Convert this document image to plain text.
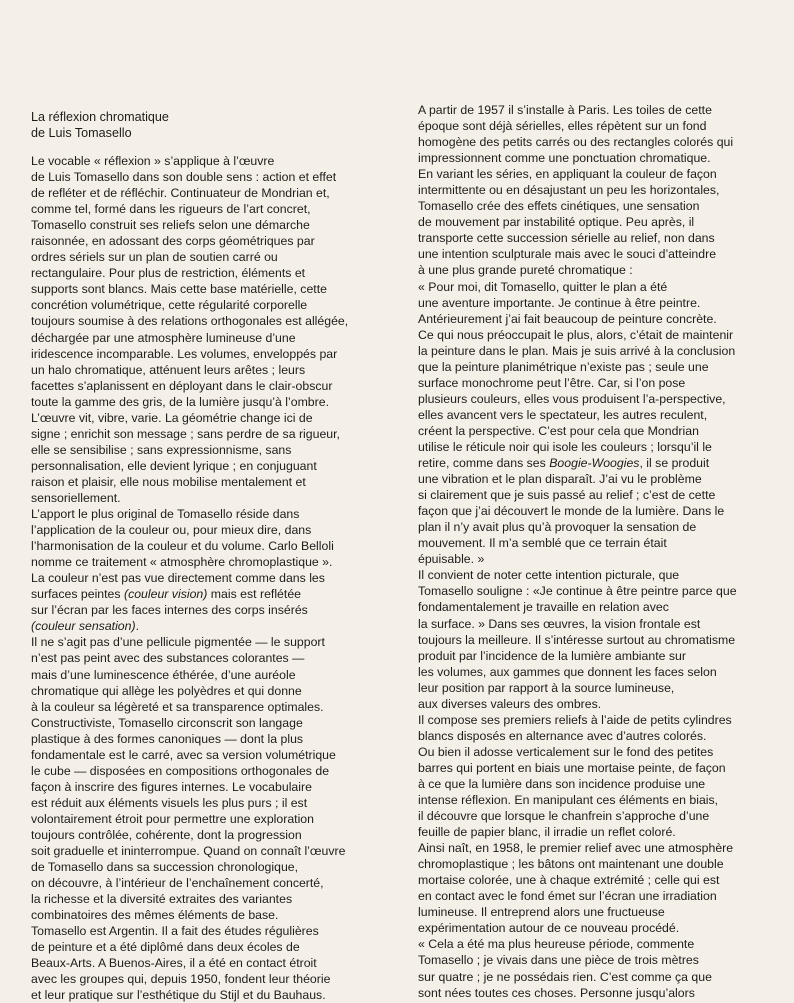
La réflexion chromatique
de Luis Tomasello
Le vocable « réflexion » s’applique à l’œuvre
de Luis Tomasello dans son double sens : action et effet
de refléter et de réfléchir. Continuateur de Mondrian et,
comme tel, formé dans les rigueurs de l’art concret,
Tomasello construit ses reliefs selon une démarche
raisonnée, en adossant des corps géométriques par
ordres sériels sur un plan de soutien carré ou
rectangulaire. Pour plus de restriction, éléments et
supports sont blancs. Mais cette base matérielle, cette
concrétion volumétrique, cette régularité corporelle
toujours soumise à des relations orthogonales est allégée,
déchargée par une atmosphère lumineuse d’une
iridescence incomparable. Les volumes, enveloppés par
un halo chromatique, atténuent leurs arêtes ; leurs
facettes s’aplanissent en déployant dans le clair-obscur
toute la gamme des gris, de la lumière jusqu’à l’ombre.
L’œuvre vit, vibre, varie. La géométrie change ici de
signe ; enrichit son message ; sans perdre de sa rigueur,
elle se sensibilise ; sans expressionnisme, sans
personnalisation, elle devient lyrique ; en conjuguant
raison et plaisir, elle nous mobilise mentalement et
sensoriellement.
L’apport le plus original de Tomasello réside dans
l’application de la couleur ou, pour mieux dire, dans
l’harmonisation de la couleur et du volume. Carlo Belloli
nomme ce traitement « atmosphère chromoplastique ».
La couleur n’est pas vue directement comme dans les
surfaces peintes (couleur vision) mais est reflétée
sur l’écran par les faces internes des corps insérés
(couleur sensation).
Il ne s’agit pas d’une pellicule pigmentée — le support
n’est pas peint avec des substances colorantes —
mais d’une luminescence éthérée, d’une auréole
chromatique qui allège les polyèdres et qui donne
à la couleur sa légèreté et sa transparence optimales.
Constructiviste, Tomasello circonscrit son langage
plastique à des formes canoniques — dont la plus
fondamentale est le carré, avec sa version volumétrique
le cube — disposées en compositions orthogonales de
façon à inscrire des figures internes. Le vocabulaire
est réduit aux éléments visuels les plus purs ; il est
volontairement étroit pour permettre une exploration
toujours contrôlée, cohérente, dont la progression
soit graduelle et ininterrompue. Quand on connaît l’œuvre
de Tomasello dans sa succession chronologique,
on découvre, à l’intérieur de l’enchaînement concerté,
la richesse et la diversité extraites des variantes
combinatoires des mêmes éléments de base.
Tomasello est Argentin. Il a fait des études régulières
de peinture et a été diplômé dans deux écoles de
Beaux-Arts. A Buenos-Aires, il a été en contact étroit
avec les groupes qui, depuis 1950, fondent leur théorie
et leur pratique sur l’esthétique du Stijl et du Bauhaus.
A partir de 1957 il s’installe à Paris. Les toiles de cette
époque sont déjà sérielles, elles répètent sur un fond
homogène des petits carrés ou des rectangles colorés qui
impressionnent comme une ponctuation chromatique.
En variant les séries, en appliquant la couleur de façon
intermittente ou en désajustant un peu les horizontales,
Tomasello crée des effets cinétiques, une sensation
de mouvement par instabilité optique. Peu après, il
transporte cette succession sérielle au relief, non dans
une intention sculpturale mais avec le souci d’atteindre
à une plus grande pureté chromatique :
« Pour moi, dit Tomasello, quitter le plan a été
une aventure importante. Je continue à être peintre.
Antérieurement j’ai fait beaucoup de peinture concrète.
Ce qui nous préoccupait le plus, alors, c’était de maintenir
la peinture dans le plan. Mais je suis arrivé à la conclusion
que la peinture planimétrique n’existe pas ; seule une
surface monochrome peut l’être. Car, si l’on pose
plusieurs couleurs, elles vous produisent l’a-perspective,
elles avancent vers le spectateur, les autres reculent,
créent la perspective. C’est pour cela que Mondrian
utilise le réticule noir qui isole les couleurs ; lorsqu’il le
retire, comme dans ses Boogie-Woogies, il se produit
une vibration et le plan disparaît. J’ai vu le problème
si clairement que je suis passé au relief ; c’est de cette
façon que j’ai découvert le monde de la lumière. Dans le
plan il n’y avait plus qu’à provoquer la sensation de
mouvement. Il m’a semblé que ce terrain était
épuisable. »
Il convient de noter cette intention picturale, que
Tomasello souligne : «Je continue à être peintre parce que
fondamentalement je travaille en relation avec
la surface. » Dans ses œuvres, la vision frontale est
toujours la meilleure. Il s’intéresse surtout au chromatisme
produit par l’incidence de la lumière ambiante sur
les volumes, aux gammes que donnent les faces selon
leur position par rapport à la source lumineuse,
aux diverses valeurs des ombres.
Il compose ses premiers reliefs à l’aide de petits cylindres
blancs disposés en alternance avec d’autres colorés.
Ou bien il adosse verticalement sur le fond des petites
barres qui portent en biais une mortaise peinte, de façon
à ce que la lumière dans son incidence produise une
intense réflexion. En manipulant ces éléments en biais,
il découvre que lorsque le chanfrein s’approche d’une
feuille de papier blanc, il irradie un reflet coloré.
Ainsi naît, en 1958, le premier relief avec une atmosphère
chromoplastique ; les bâtons ont maintenant une double
mortaise colorée, une à chaque extrémité ; celle qui est
en contact avec le fond émet sur l’écran une irradiation
lumineuse. Il entreprend alors une fructueuse
expérimentation autour de ce nouveau procédé.
« Cela a été ma plus heureuse période, commente
Tomasello ; je vivais dans une pièce de trois mètres
sur quatre ; je ne possédais rien. C’est comme ça que
sont nées toutes ces choses. Personne jusqu’alors
